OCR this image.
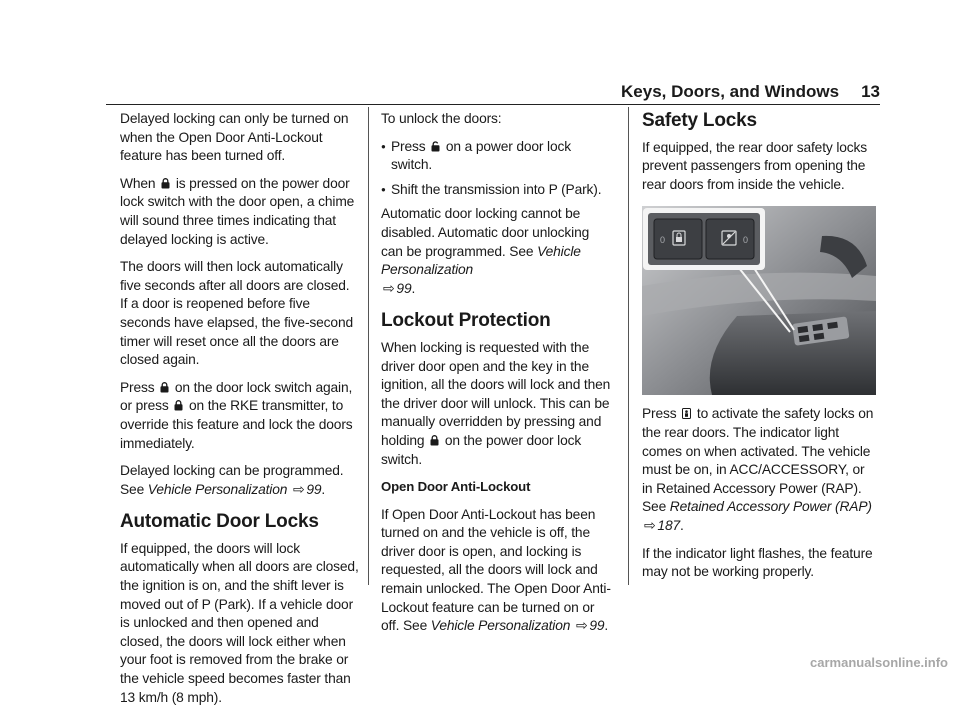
Keys, Doors, and Windows 13

Delayed locking can only be turned on when the Open Door Anti-Lockout feature has been turned off.

When is pressed on the power door lock switch with the door open, a chime will sound three times indicating that delayed locking is active.

The doors will then lock automatically five seconds after all doors are closed. If a door is reopened before five seconds have elapsed, the five-second timer will reset once all the doors are closed again.

Press on the door lock switch again, or press on the RKE transmitter, to override this feature and lock the doors immediately.

Delayed locking can be programmed. See Vehicle Personalization ⇨ 99.

Automatic Door Locks

If equipped, the doors will lock automatically when all doors are closed, the ignition is on, and the shift lever is moved out of P (Park). If a vehicle door is unlocked and then opened and closed, the doors will lock either when your foot is removed from the brake or the vehicle speed becomes faster than 13 km/h (8 mph).

To unlock the doors:

● Press on a power door lock switch.
● Shift the transmission into P (Park).

Automatic door locking cannot be disabled. Automatic door unlocking can be programmed. See Vehicle Personalization
⇨ 99.

Lockout Protection

When locking is requested with the driver door open and the key in the ignition, all the doors will lock and then the driver door will unlock. This can be manually overridden by pressing and holding on the power door lock switch.

Open Door Anti-Lockout

If Open Door Anti-Lockout has been turned on and the vehicle is off, the driver door is open, and locking is requested, all the doors will lock and remain unlocked. The Open Door Anti-Lockout feature can be turned on or off. See Vehicle Personalization ⇨ 99.

Safety Locks

If equipped, the rear door safety locks prevent passengers from opening the rear doors from inside the vehicle.

0	0

Press to activate the safety locks on the rear doors. The indicator light comes on when activated. The vehicle must be on, in ACC/ACCESSORY, or in Retained Accessory Power (RAP). See Retained Accessory Power (RAP) ⇨ 187.

If the indicator light flashes, the feature may not be working properly.

carmanualsonline.info
